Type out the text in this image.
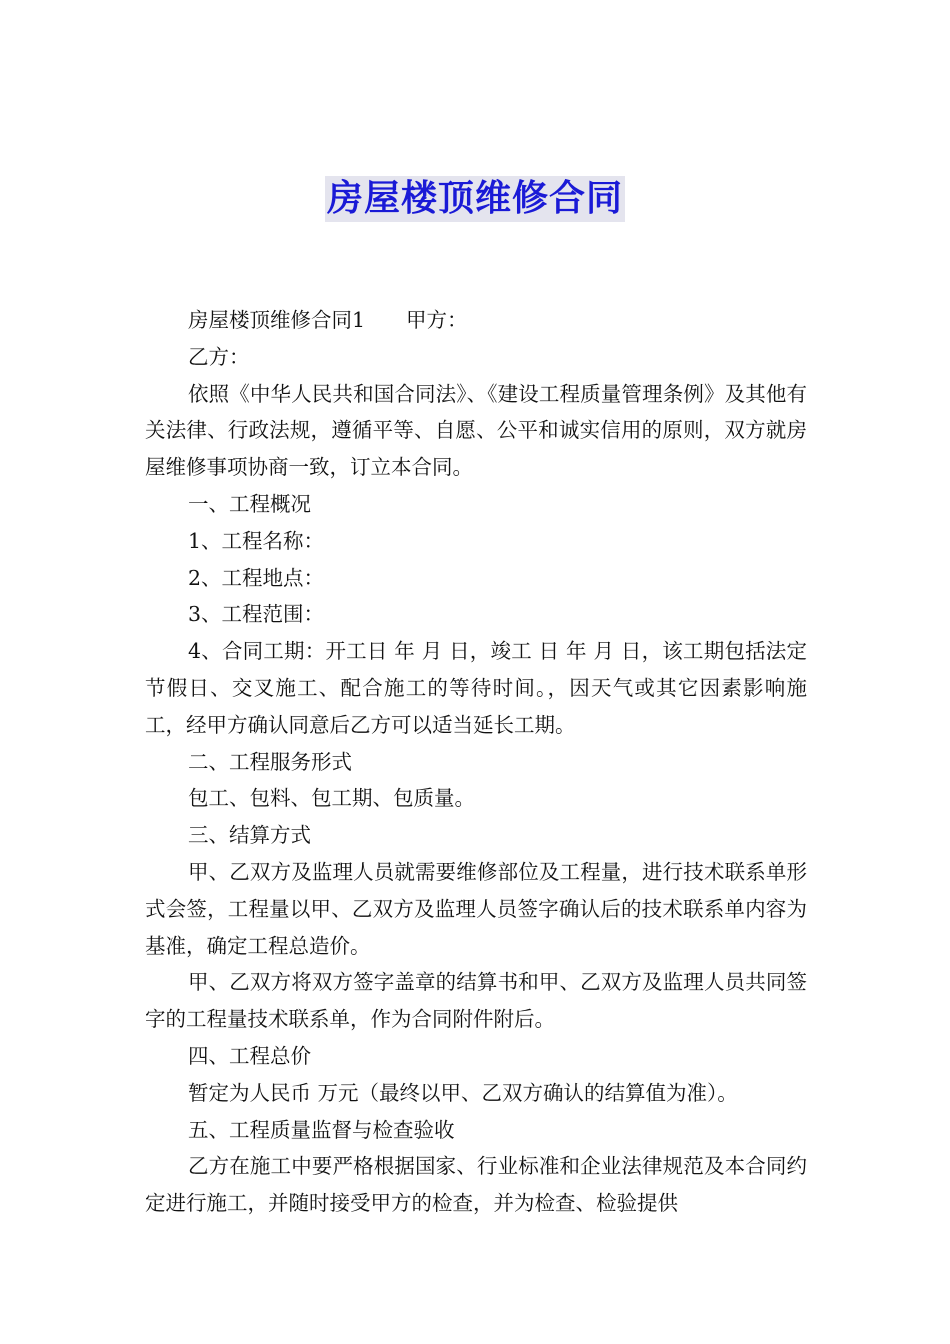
房屋楼顶维修合同

房屋楼顶维修合同1　　甲方：

乙方：

依照《中华人民共和国合同法》、《建设工程质量管理条例》及其他有关法律、行政法规，遵循平等、自愿、公平和诚实信用的原则，双方就房屋维修事项协商一致，订立本合同。

一、工程概况

1、工程名称：

2、工程地点：

3、工程范围：

4、合同工期：开工日 年 月 日，竣工 日 年 月 日，该工期包括法定节假日、交叉施工、配合施工的等待时间。，因天气或其它因素影响施工，经甲方确认同意后乙方可以适当延长工期。

二、工程服务形式

包工、包料、包工期、包质量。

三、结算方式

甲、乙双方及监理人员就需要维修部位及工程量，进行技术联系单形式会签，工程量以甲、乙双方及监理人员签字确认后的技术联系单内容为基准，确定工程总造价。

甲、乙双方将双方签字盖章的结算书和甲、乙双方及监理人员共同签字的工程量技术联系单，作为合同附件附后。

四、工程总价

暂定为人民币 万元（最终以甲、乙双方确认的结算值为准）。

五、工程质量监督与检查验收

乙方在施工中要严格根据国家、行业标准和企业法律规范及本合同约定进行施工，并随时接受甲方的检查，并为检查、检验提供
